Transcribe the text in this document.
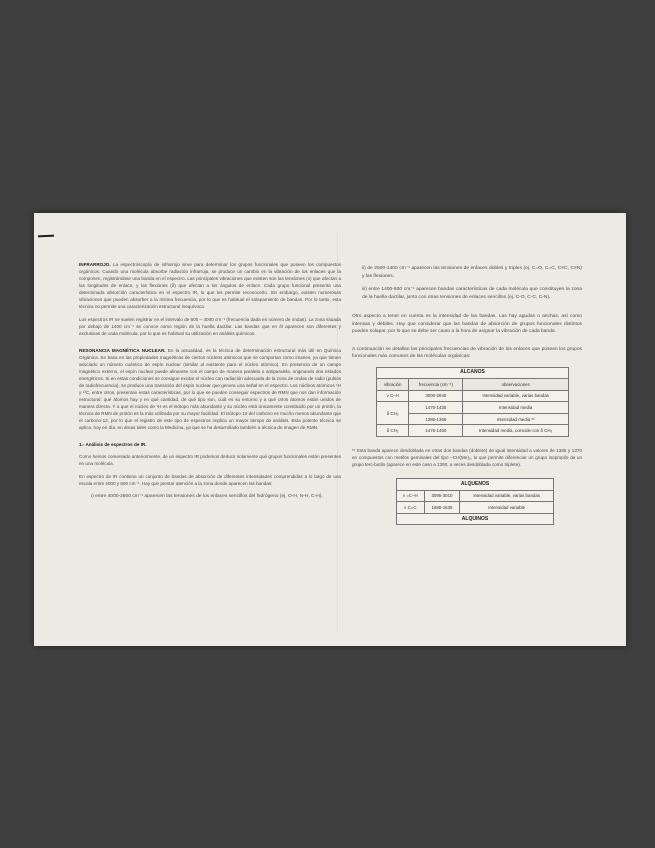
INFRARROJO. La espectroscopía de infrarrojo sirve para determinar los grupos funcionales que poseen los compuestos orgánicos. Cuando una molécula absorbe radiación infrarroja, se produce un cambio en la vibración de los enlaces que la componen, registrándose una banda en el espectro. Las principales vibraciones que existen son las tensiones (v) que afectan a las longitudes de enlace, y las flexiones (δ) que afectan a los ángulos de enlace. Cada grupo funcional presenta una determinada absorción característica en el espectro IR, lo que les permite reconocerlo. Sin embargo, existen numerosas vibraciones que pueden absorber a la misma frecuencia, por lo que es habitual el solapamiento de bandas. Por lo tanto, esta técnica no permite una caracterización estructural inequívoca.

Los espectros IR se suelen registrar en el intervalo de 600 – 4000 cm⁻¹ (frecuencia dada en número de ondas). La zona situada por debajo de 1400 cm⁻¹ se conoce como región de la huella dactilar. Las bandas que en él aparecen son diferentes y exclusivas de cada molécula, por lo que es habitual su utilización en análisis químicos.

RESONANCIA MAGNÉTICA NUCLEAR. En la actualidad, es la técnica de determinación estructural más útil en Química Orgánica. Se basa en las propiedades magnéticas de ciertos núcleos atómicos que se comportan como imanes, ya que tienen asociado un número cuántico de espín nuclear (similar al existente para el núcleo atómico). En presencia de un campo magnético externo, el espín nuclear puede alinearse con el campo de manera paralela o antiparalela, originando dos estados energéticos. Si en estas condiciones se consigue excitar el núcleo con radiación adecuada de la zona de ondas de radio (pulsos de radiofrecuencia), se produce una transición del espín nuclear que genera una señal en el espectro. Los núcleos atómicos ¹H y ¹³C, entre otros, presentan estas características, por lo que se pueden conseguir espectros de RMN que nos dan información estructural: qué átomos hay y en qué cantidad, de qué tipo son, cuál es su entorno y a qué otros átomos están unidos de manera directa. Y a que el núcleo de ¹H es el isótopo más abundante y su núcleo está únicamente constituido por un protón, la técnica de RMN de protón es la más utilizada por su mayor facilidad. El isótopo 13 del carbono es mucho menos abundante que el carbono-12, por lo que el registro de este tipo de espectros implica un mayor tiempo de análisis. Esta potente técnica se aplica, hoy en día, en áreas tales como la Medicina, ya que se ha desarrollado también a técnica de imagen de RMN.

1.- Análisis de espectros de IR.

Como hemos comentado anteriormente, de un espectro IR podemos deducir solamente qué grupos funcionales están presentes en una molécula.

En espectro de IR contiene un conjunto de bandas de absorción de diferentes intensidades comprendidas a lo largo de una escala entre 4000 y 600 cm⁻¹. Hay que prestar atención a la zona donde aparecen las bandas:

i) entre 4000-2500 cm⁻¹ aparecen las tensiones de los enlaces sencillos del hidrógeno (ej. O-H, N-H, C-H).

ii) de 2500-1400 cm⁻¹ aparecen las tensiones de enlaces dobles y triples (ej. C=O, C=C, C≡C, C≡N) y las flexiones.

iii) entre 1400-600 cm⁻¹ aparecen bandas características de cada molécula que constituyen la zona de la huella dactilar, junto con otras tensiones de enlaces sencillos (ej. C-O, C-C, C-N).

Otro aspecto a tener en cuenta es la intensidad de las bandas. Las hay agudas o anchas, así como intensas y débiles. Hay que considerar que las bandas de absorción de grupos funcionales distintos pueden solapar, por lo que se debe ser cauto a la hora de asignar la vibración de cada banda.

A continuación se detallan las principales frecuencias de vibración de los enlaces que poseen los grupos funcionales más comunes de las moléculas orgánicas:

ALCANOS		
vibración	frecuencia (cm⁻¹)	observaciones
ν C–H	3000-2840	Intensidad variable, varias bandas
δ CH₃	1470-1430	Intensidad media
	1380-1365	Intensidad media *¹
δ CH₂	1475-1450	Intensidad media, coincide con δ CH₃

*¹ Esta banda aparece desdoblada en otras dos bandas (doblete) de igual intensidad a valores de 1385 y 1370 en compuestos con metilos geminales del tipo –CH(Me)₂, lo que permite diferenciar un grupo isopropilo de un grupo terc-butilo (aparece en este caso a 1390, a veces desdoblada como triplete).

ALQUENOS		
ν =C–H	3095-3010	Intensidad variable, varias bandas
ν C=C	1680-1635	Intensidad variable
ALQUINOS		
